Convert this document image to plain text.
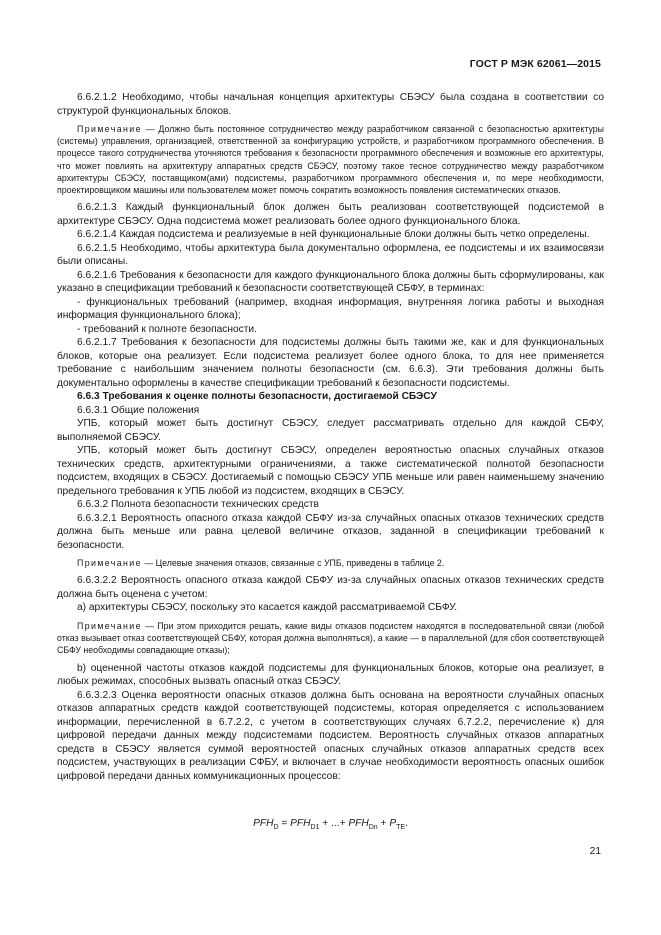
ГОСТ Р МЭК 62061—2015

6.6.2.1.2 Необходимо, чтобы начальная концепция архитектуры СБЭСУ была создана в соответствии со структурой функциональных блоков.

Примечание — Должно быть постоянное сотрудничество между разработчиком связанной с безопасностью архитектуры (системы) управления, организацией, ответственной за конфигурацию устройств, и разработчиком программного обеспечения. В процессе такого сотрудничества уточняются требования к безопасности программного обеспечения и возможные его архитектуры, что может повлиять на архитектуру аппаратных средств СБЭСУ, поэтому такое тесное сотрудничество между разработчиком архитектуры СБЭСУ, поставщиком(ами) подсистемы, разработчиком программного обеспечения и, по мере необходимости, проектировщиком машины или пользователем может помочь сократить возможность появления систематических отказов.

6.6.2.1.3 Каждый функциональный блок должен быть реализован соответствующей подсистемой в архитектуре СБЭСУ. Одна подсистема может реализовать более одного функционального блока.

6.6.2.1.4 Каждая подсистема и реализуемые в ней функциональные блоки должны быть четко определены.

6.6.2.1.5 Необходимо, чтобы архитектура была документально оформлена, ее подсистемы и их взаимосвязи были описаны.

6.6.2.1.6 Требования к безопасности для каждого функционального блока должны быть сформулированы, как указано в спецификации требований к безопасности соответствующей СБФУ, в терминах:

- функциональных требований (например, входная информация, внутренняя логика работы и выходная информация функционального блока);

- требований к полноте безопасности.

6.6.2.1.7 Требования к безопасности для подсистемы должны быть такими же, как и для функциональных блоков, которые она реализует. Если подсистема реализует более одного блока, то для нее применяется требование с наибольшим значением полноты безопасности (см. 6.6.3). Эти требования должны быть документально оформлены в качестве спецификации требований к безопасности подсистемы.

6.6.3 Требования к оценке полноты безопасности, достигаемой СБЭСУ

6.6.3.1 Общие положения

УПБ, который может быть достигнут СБЭСУ, следует рассматривать отдельно для каждой СБФУ, выполняемой СБЭСУ.

УПБ, который может быть достигнут СБЭСУ, определен вероятностью опасных случайных отказов технических средств, архитектурными ограничениями, а также систематической полнотой безопасности подсистем, входящих в СБЭСУ. Достигаемый с помощью СБЭСУ УПБ меньше или равен наименьшему значению предельного требования к УПБ любой из подсистем, входящих в СБЭСУ.

6.6.3.2 Полнота безопасности технических средств

6.6.3.2.1 Вероятность опасного отказа каждой СБФУ из-за случайных опасных отказов технических средств должна быть меньше или равна целевой величине отказов, заданной в спецификации требований к безопасности.

Примечание — Целевые значения отказов, связанные с УПБ, приведены в таблице 2.

6.6.3.2.2 Вероятность опасного отказа каждой СБФУ из-за случайных опасных отказов технических средств должна быть оценена с учетом:

а) архитектуры СБЭСУ, поскольку это касается каждой рассматриваемой СБФУ.

Примечание — При этом приходится решать, какие виды отказов подсистем находятся в последовательной связи (любой отказ вызывает отказ соответствующей СБФУ, которая должна выполняться), а какие — в параллельной (для сбоя соответствующей СБФУ необходимы совпадающие отказы);

b) оцененной частоты отказов каждой подсистемы для функциональных блоков, которые она реализует, в любых режимах, способных вызвать опасный отказ СБЭСУ.

6.6.3.2.3 Оценка вероятности опасных отказов должна быть основана на вероятности случайных опасных отказов аппаратных средств каждой соответствующей подсистемы, которая определяется с использованием информации, перечисленной в 6.7.2.2, с учетом в соответствующих случаях 6.7.2.2, перечисление к) для цифровой передачи данных между подсистемами подсистем. Вероятность случайных отказов аппаратных средств в СБЭСУ является суммой вероятностей опасных случайных отказов аппаратных средств всех подсистем, участвующих в реализации СФБУ, и включает в случае необходимости вероятность опасных ошибок цифровой передачи данных коммуникационных процессов:

$PFH_D = PFH_{D1}$ + ...+ $PFH_{Dn} + P_{TE}$.
21
